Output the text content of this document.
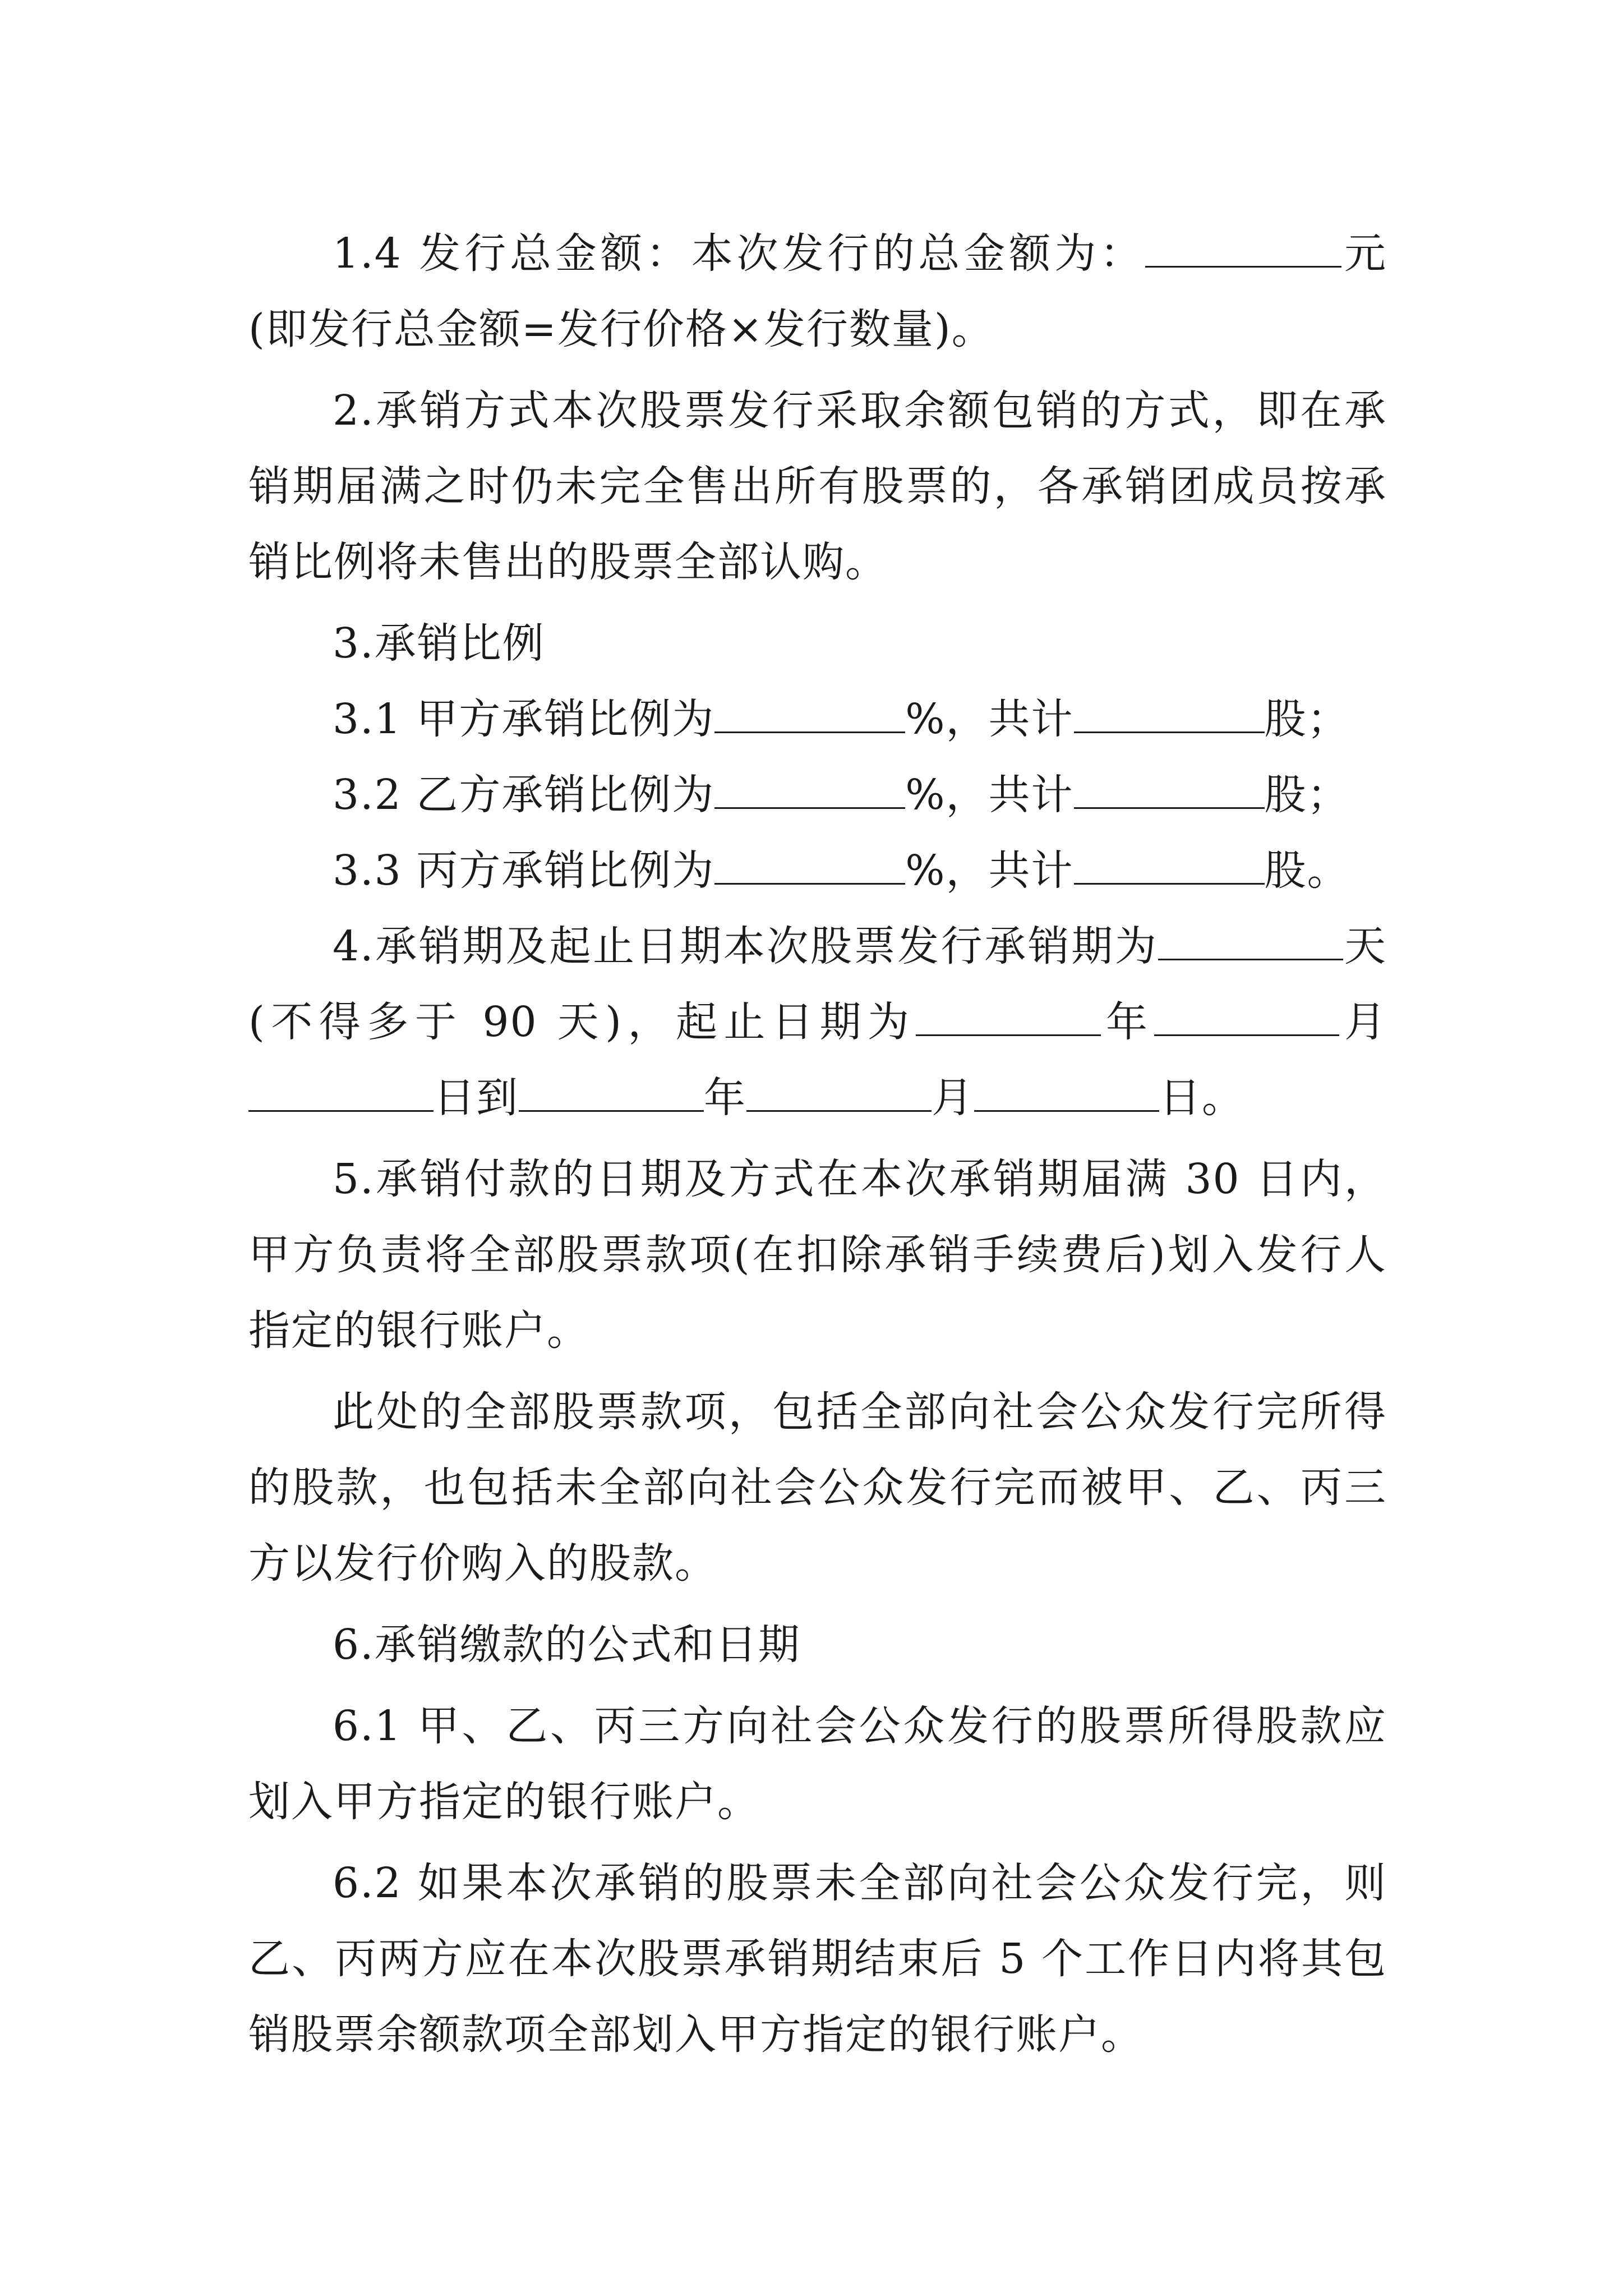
1.4 发行总金额：本次发行的总金额为：	元(即发行总金额=发行价格×发行数量)。

2.承销方式本次股票发行采取余额包销的方式，即在承销期届满之时仍未完全售出所有股票的，各承销团成员按承销比例将未售出的股票全部认购。

3.承销比例

3.1 甲方承销比例为	%，共计	股；

3.2 乙方承销比例为	%，共计	股；

3.3 丙方承销比例为	%，共计	股。

4.承销期及起止日期本次股票发行承销期为	天(不得多于 90 天)，起止日期为	年	月日到	年	月	日。

5.承销付款的日期及方式在本次承销期届满 30 日内，甲方负责将全部股票款项(在扣除承销手续费后)划入发行人指定的银行账户。

此处的全部股票款项，包括全部向社会公众发行完所得的股款，也包括未全部向社会公众发行完而被甲、乙、丙三方以发行价购入的股款。

6.承销缴款的公式和日期

6.1 甲、乙、丙三方向社会公众发行的股票所得股款应划入甲方指定的银行账户。

6.2 如果本次承销的股票未全部向社会公众发行完，则乙、丙两方应在本次股票承销期结束后 5 个工作日内将其包销股票余额款项全部划入甲方指定的银行账户。
